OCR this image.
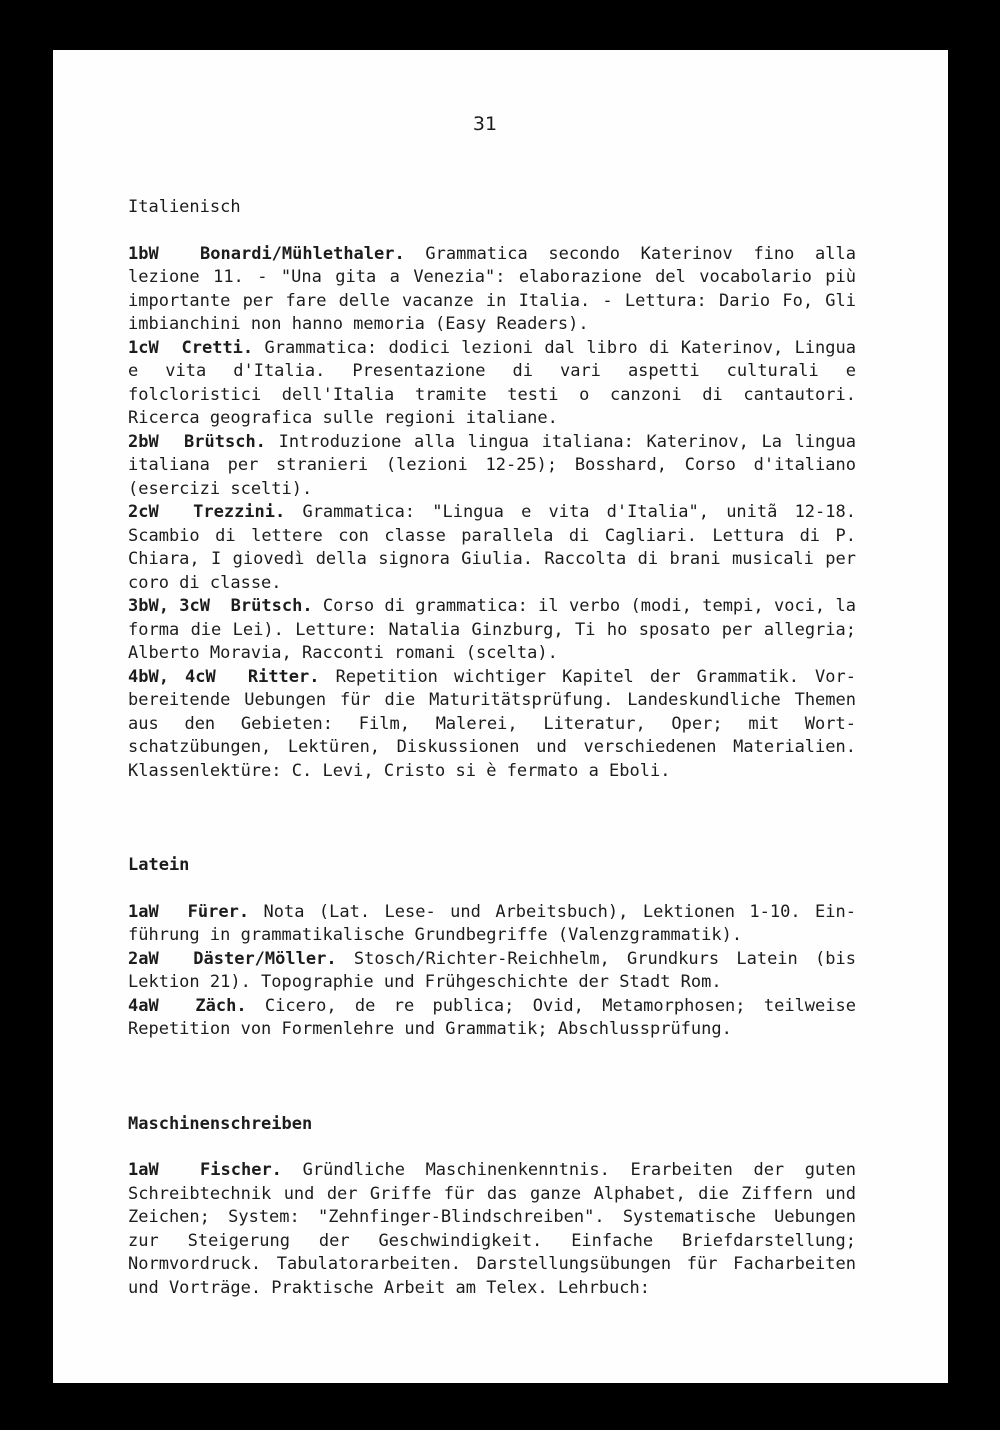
31
Italienisch

1bW Bonardi/Mühlethaler. Grammatica secondo Katerinov fino alla lezione 11. - "Una gita a Venezia": elaborazione del vocabolario più importante per fare delle vacanze in Italia. - Lettura: Dario Fo, Gli imbianchini non hanno memoria (Easy Readers).

1cW Cretti. Grammatica: dodici lezioni dal libro di Katerinov, Lingua e vita d'Italia. Presentazione di vari aspetti culturali e folcloristici dell'Italia tramite testi o canzoni di cantautori. Ricerca geografica sulle regioni italiane.

2bW Brütsch. Introduzione alla lingua italiana: Katerinov, La lingua italiana per stranieri (lezioni 12-25); Bosshard, Corso d'italiano (esercizi scelti).

2cW Trezzini. Grammatica: "Lingua e vita d'Italia", unitã 12-18. Scambio di lettere con classe parallela di Cagliari. Lettura di P. Chiara, I giovedì della signora Giulia. Raccolta di brani musicali per coro di classe.

3bW, 3cW Brütsch. Corso di grammatica: il verbo (modi, tempi, voci, la forma die Lei). Letture: Natalia Ginzburg, Ti ho sposato per allegria; Alberto Moravia, Racconti romani (scelta).

4bW, 4cW Ritter. Repetition wichtiger Kapitel der Grammatik. Vorbereitende Uebungen für die Maturitätsprüfung. Landeskundliche Themen aus den Gebieten: Film, Malerei, Literatur, Oper; mit Wortschatzübungen, Lektüren, Diskussionen und verschiedenen Materialien. Klassenlektüre: C. Levi, Cristo si è fermato a Eboli.

Latein

1aW Fürer. Nota (Lat. Lese- und Arbeitsbuch), Lektionen 1-10. Einführung in grammatikalische Grundbegriffe (Valenzgrammatik).

2aW Däster/Möller. Stosch/Richter-Reichhelm, Grundkurs Latein (bis Lektion 21). Topographie und Frühgeschichte der Stadt Rom.

4aW Zäch. Cicero, de re publica; Ovid, Metamorphosen; teilweise Repetition von Formenlehre und Grammatik; Abschlussprüfung.

Maschinenschreiben

1aW Fischer. Gründliche Maschinenkenntnis. Erarbeiten der guten Schreibtechnik und der Griffe für das ganze Alphabet, die Ziffern und Zeichen; System: "Zehnfinger-Blindschreiben". Systematische Uebungen zur Steigerung der Geschwindigkeit. Einfache Briefdarstellung; Normvordruck. Tabulatorarbeiten. Darstellungsübungen für Facharbeiten und Vorträge. Praktische Arbeit am Telex. Lehrbuch:
